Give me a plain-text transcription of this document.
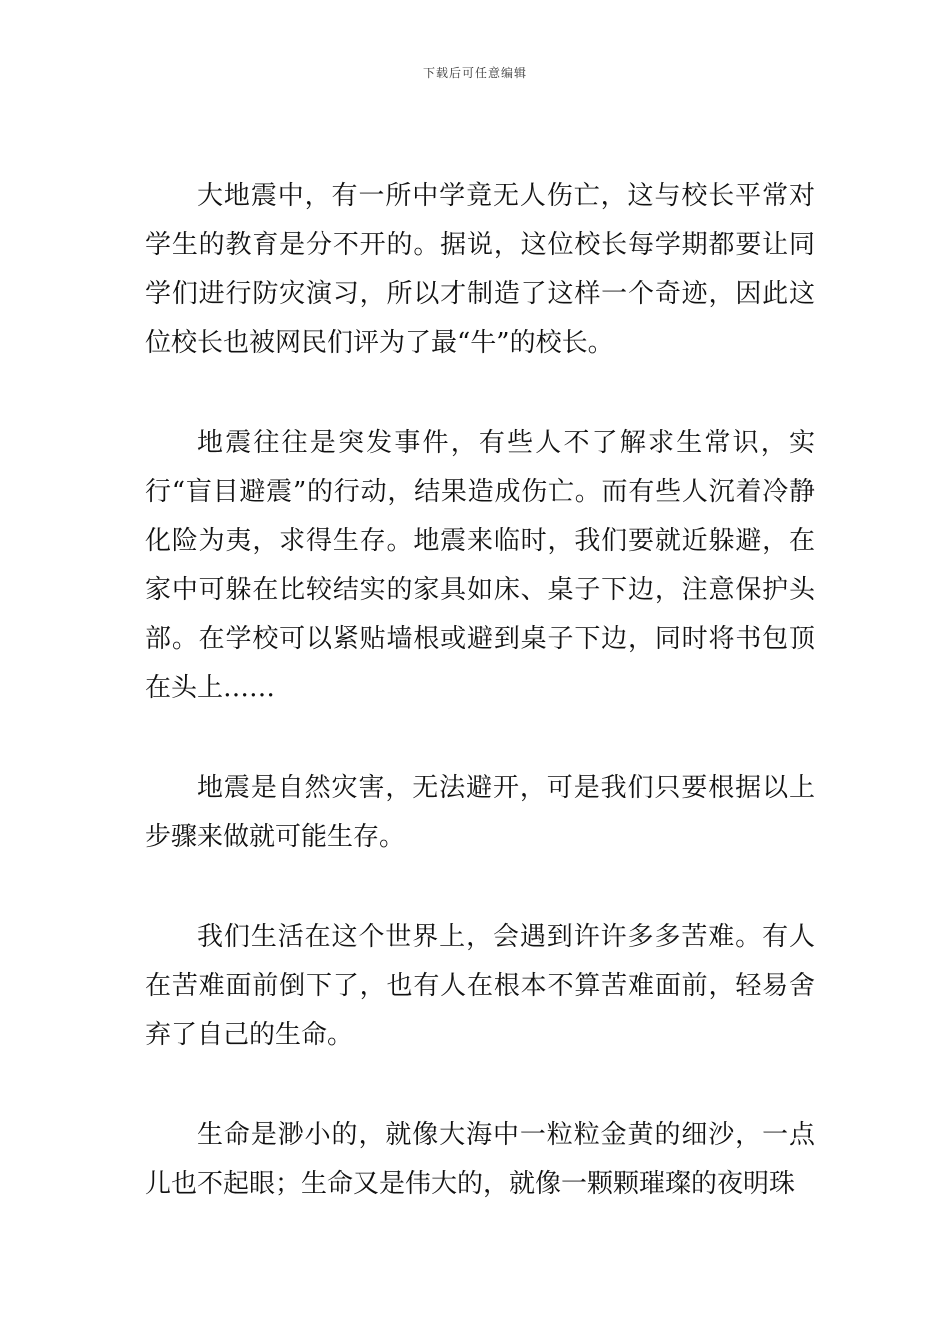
下载后可任意编辑

大地震中，有一所中学竟无人伤亡，这与校长平常对学生的教育是分不开的。据说，这位校长每学期都要让同学们进行防灾演习，所以才制造了这样一个奇迹，因此这位校长也被网民们评为了最“牛”的校长。

地震往往是突发事件，有些人不了解求生常识，实行“盲目避震”的行动，结果造成伤亡。而有些人沉着冷静化险为夷，求得生存。地震来临时，我们要就近躲避，在家中可躲在比较结实的家具如床、桌子下边，注意保护头部。在学校可以紧贴墙根或避到桌子下边，同时将书包顶在头上……

地震是自然灾害，无法避开，可是我们只要根据以上步骤来做就可能生存。

我们生活在这个世界上，会遇到许许多多苦难。有人在苦难面前倒下了，也有人在根本不算苦难面前，轻易舍弃了自己的生命。

生命是渺小的，就像大海中一粒粒金黄的细沙，一点儿也不起眼；生命又是伟大的，就像一颗颗璀璨的夜明珠
